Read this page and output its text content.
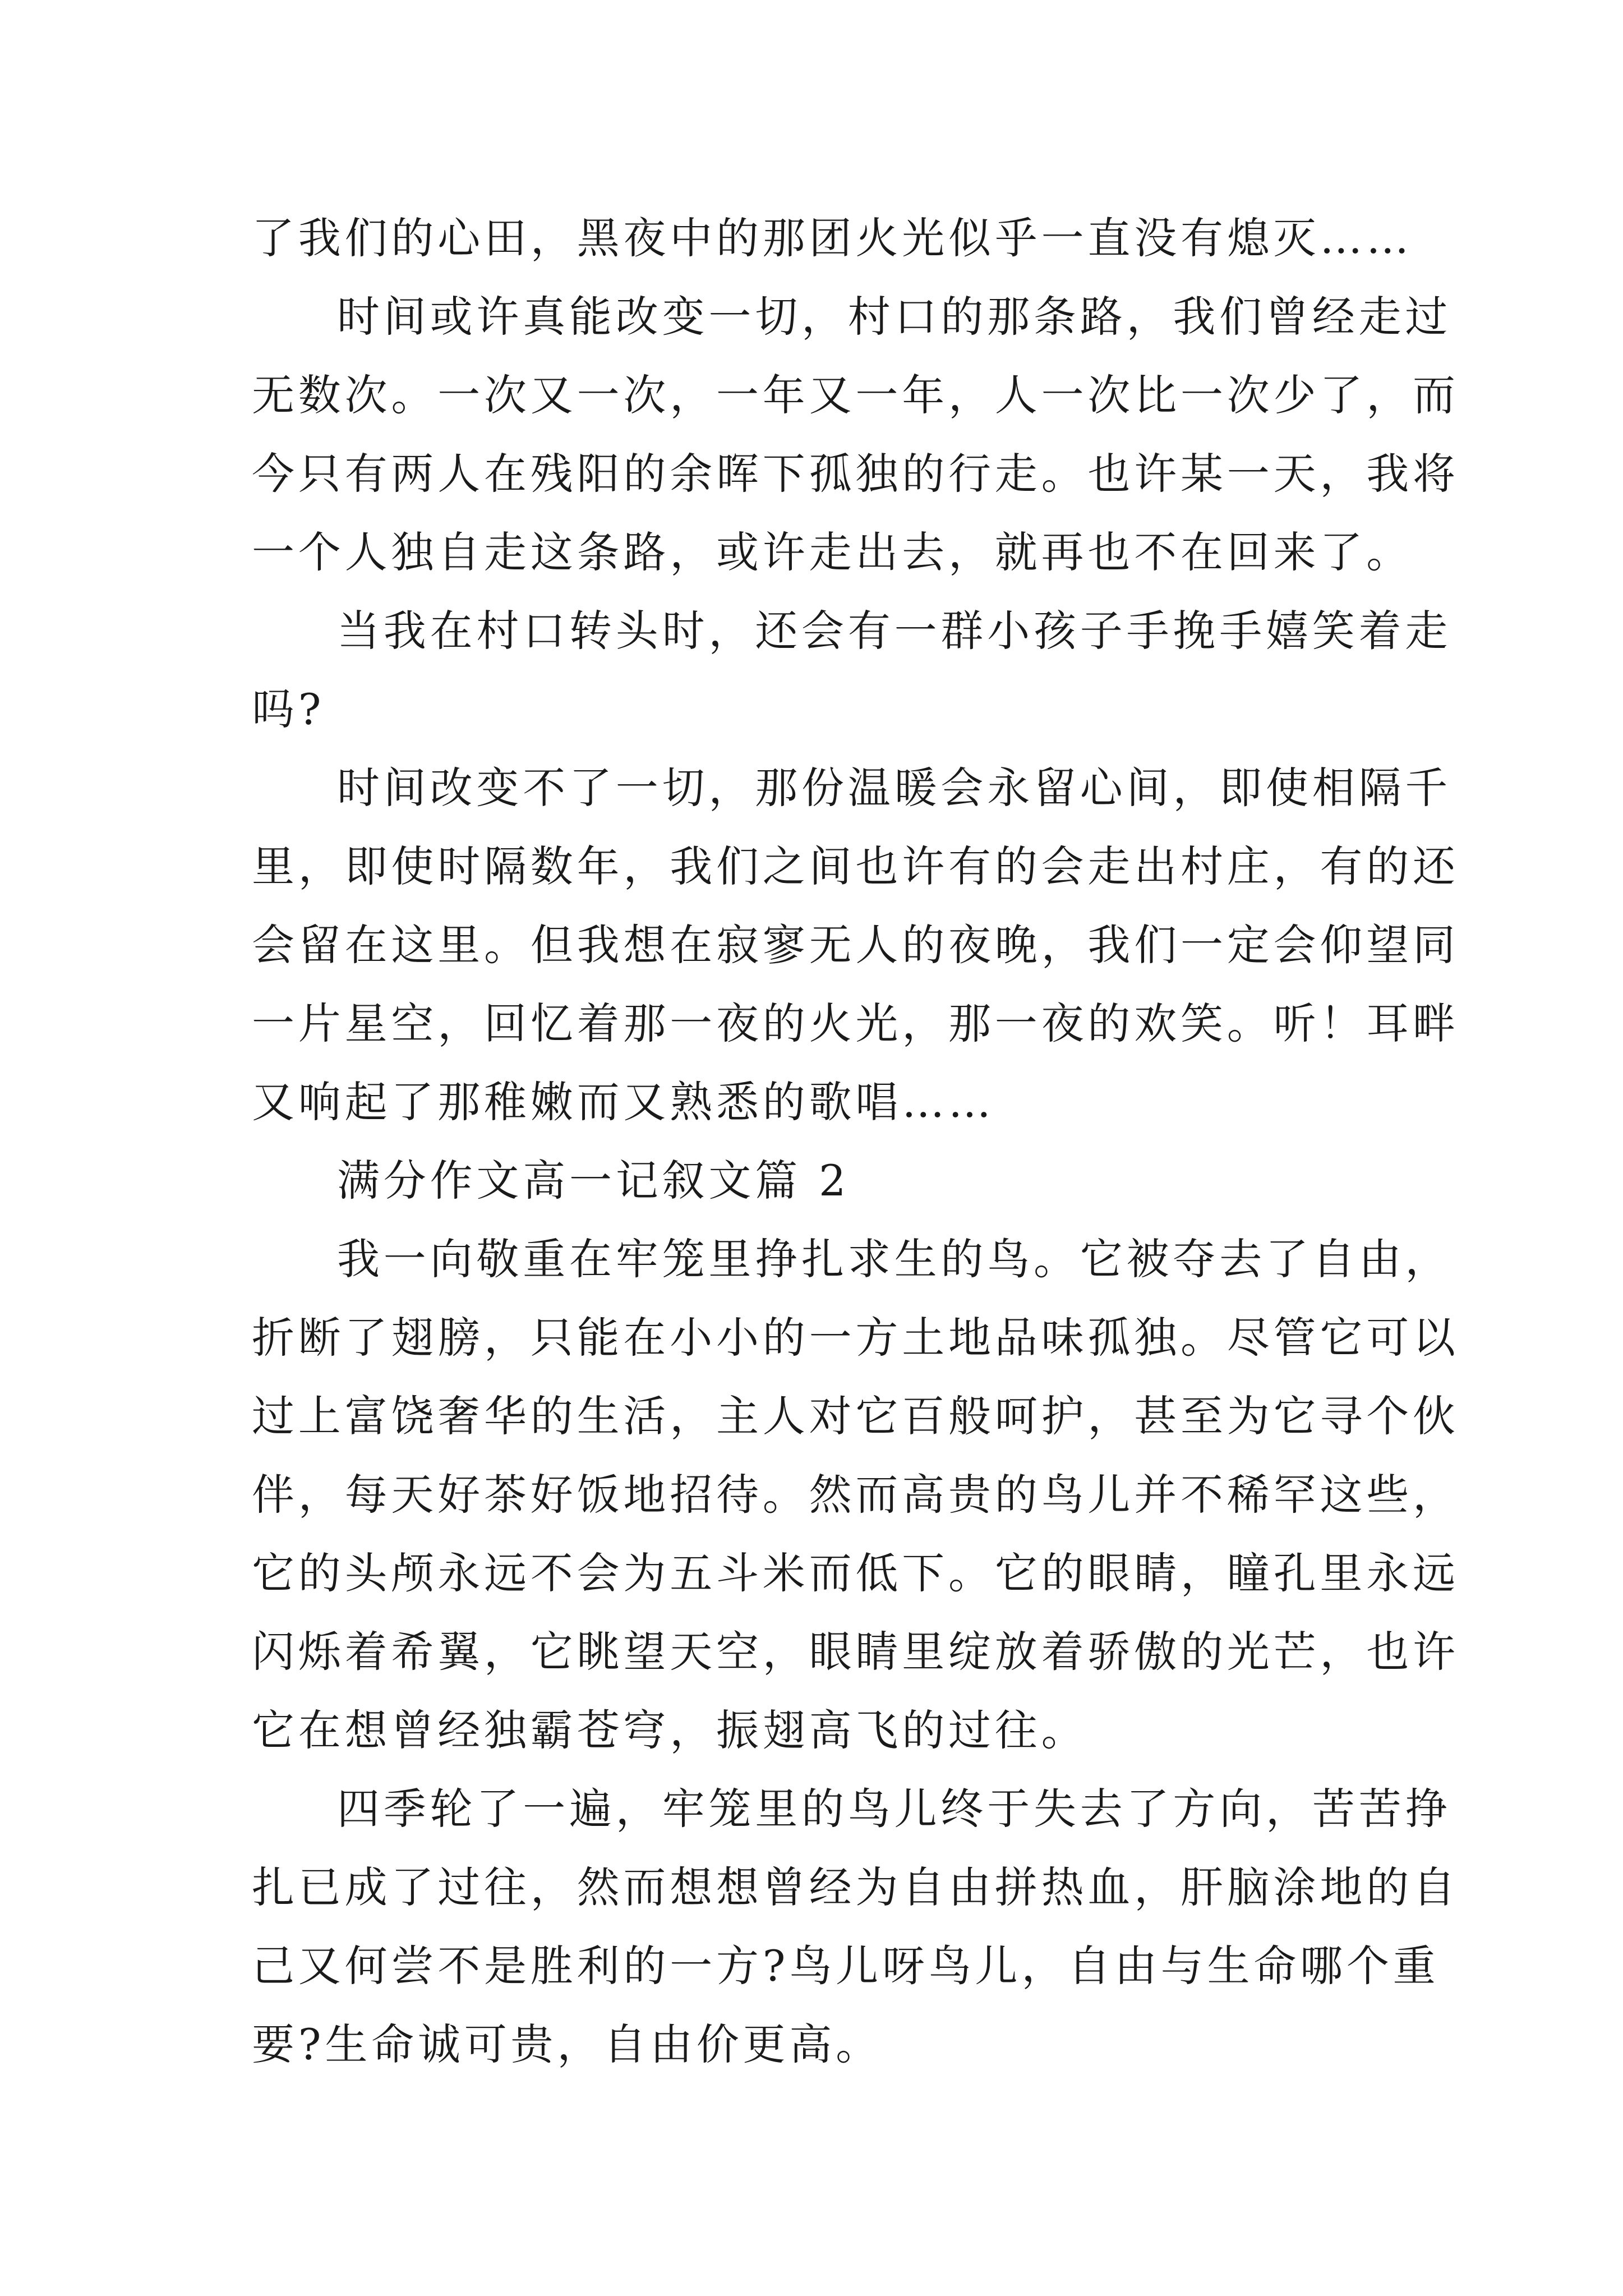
了我们的心田，黑夜中的那团火光似乎一直没有熄灭……

时间或许真能改变一切，村口的那条路，我们曾经走过

无数次。一次又一次，一年又一年，人一次比一次少了，而

今只有两人在残阳的余晖下孤独的行走。也许某一天，我将

一个人独自走这条路，或许走出去，就再也不在回来了。

当我在村口转头时，还会有一群小孩子手挽手嬉笑着走

吗?

时间改变不了一切，那份温暖会永留心间，即使相隔千

里，即使时隔数年，我们之间也许有的会走出村庄，有的还

会留在这里。但我想在寂寥无人的夜晚，我们一定会仰望同

一片星空，回忆着那一夜的火光，那一夜的欢笑。听！耳畔

又响起了那稚嫩而又熟悉的歌唱……

满分作文高一记叙文篇 2

我一向敬重在牢笼里挣扎求生的鸟。它被夺去了自由，

折断了翅膀，只能在小小的一方土地品味孤独。尽管它可以

过上富饶奢华的生活，主人对它百般呵护，甚至为它寻个伙

伴，每天好茶好饭地招待。然而高贵的鸟儿并不稀罕这些，

它的头颅永远不会为五斗米而低下。它的眼睛，瞳孔里永远

闪烁着希翼，它眺望天空，眼睛里绽放着骄傲的光芒，也许

它在想曾经独霸苍穹，振翅高飞的过往。

四季轮了一遍，牢笼里的鸟儿终于失去了方向，苦苦挣

扎已成了过往，然而想想曾经为自由拼热血，肝脑涂地的自

己又何尝不是胜利的一方?鸟儿呀鸟儿，自由与生命哪个重

要?生命诚可贵，自由价更高。
